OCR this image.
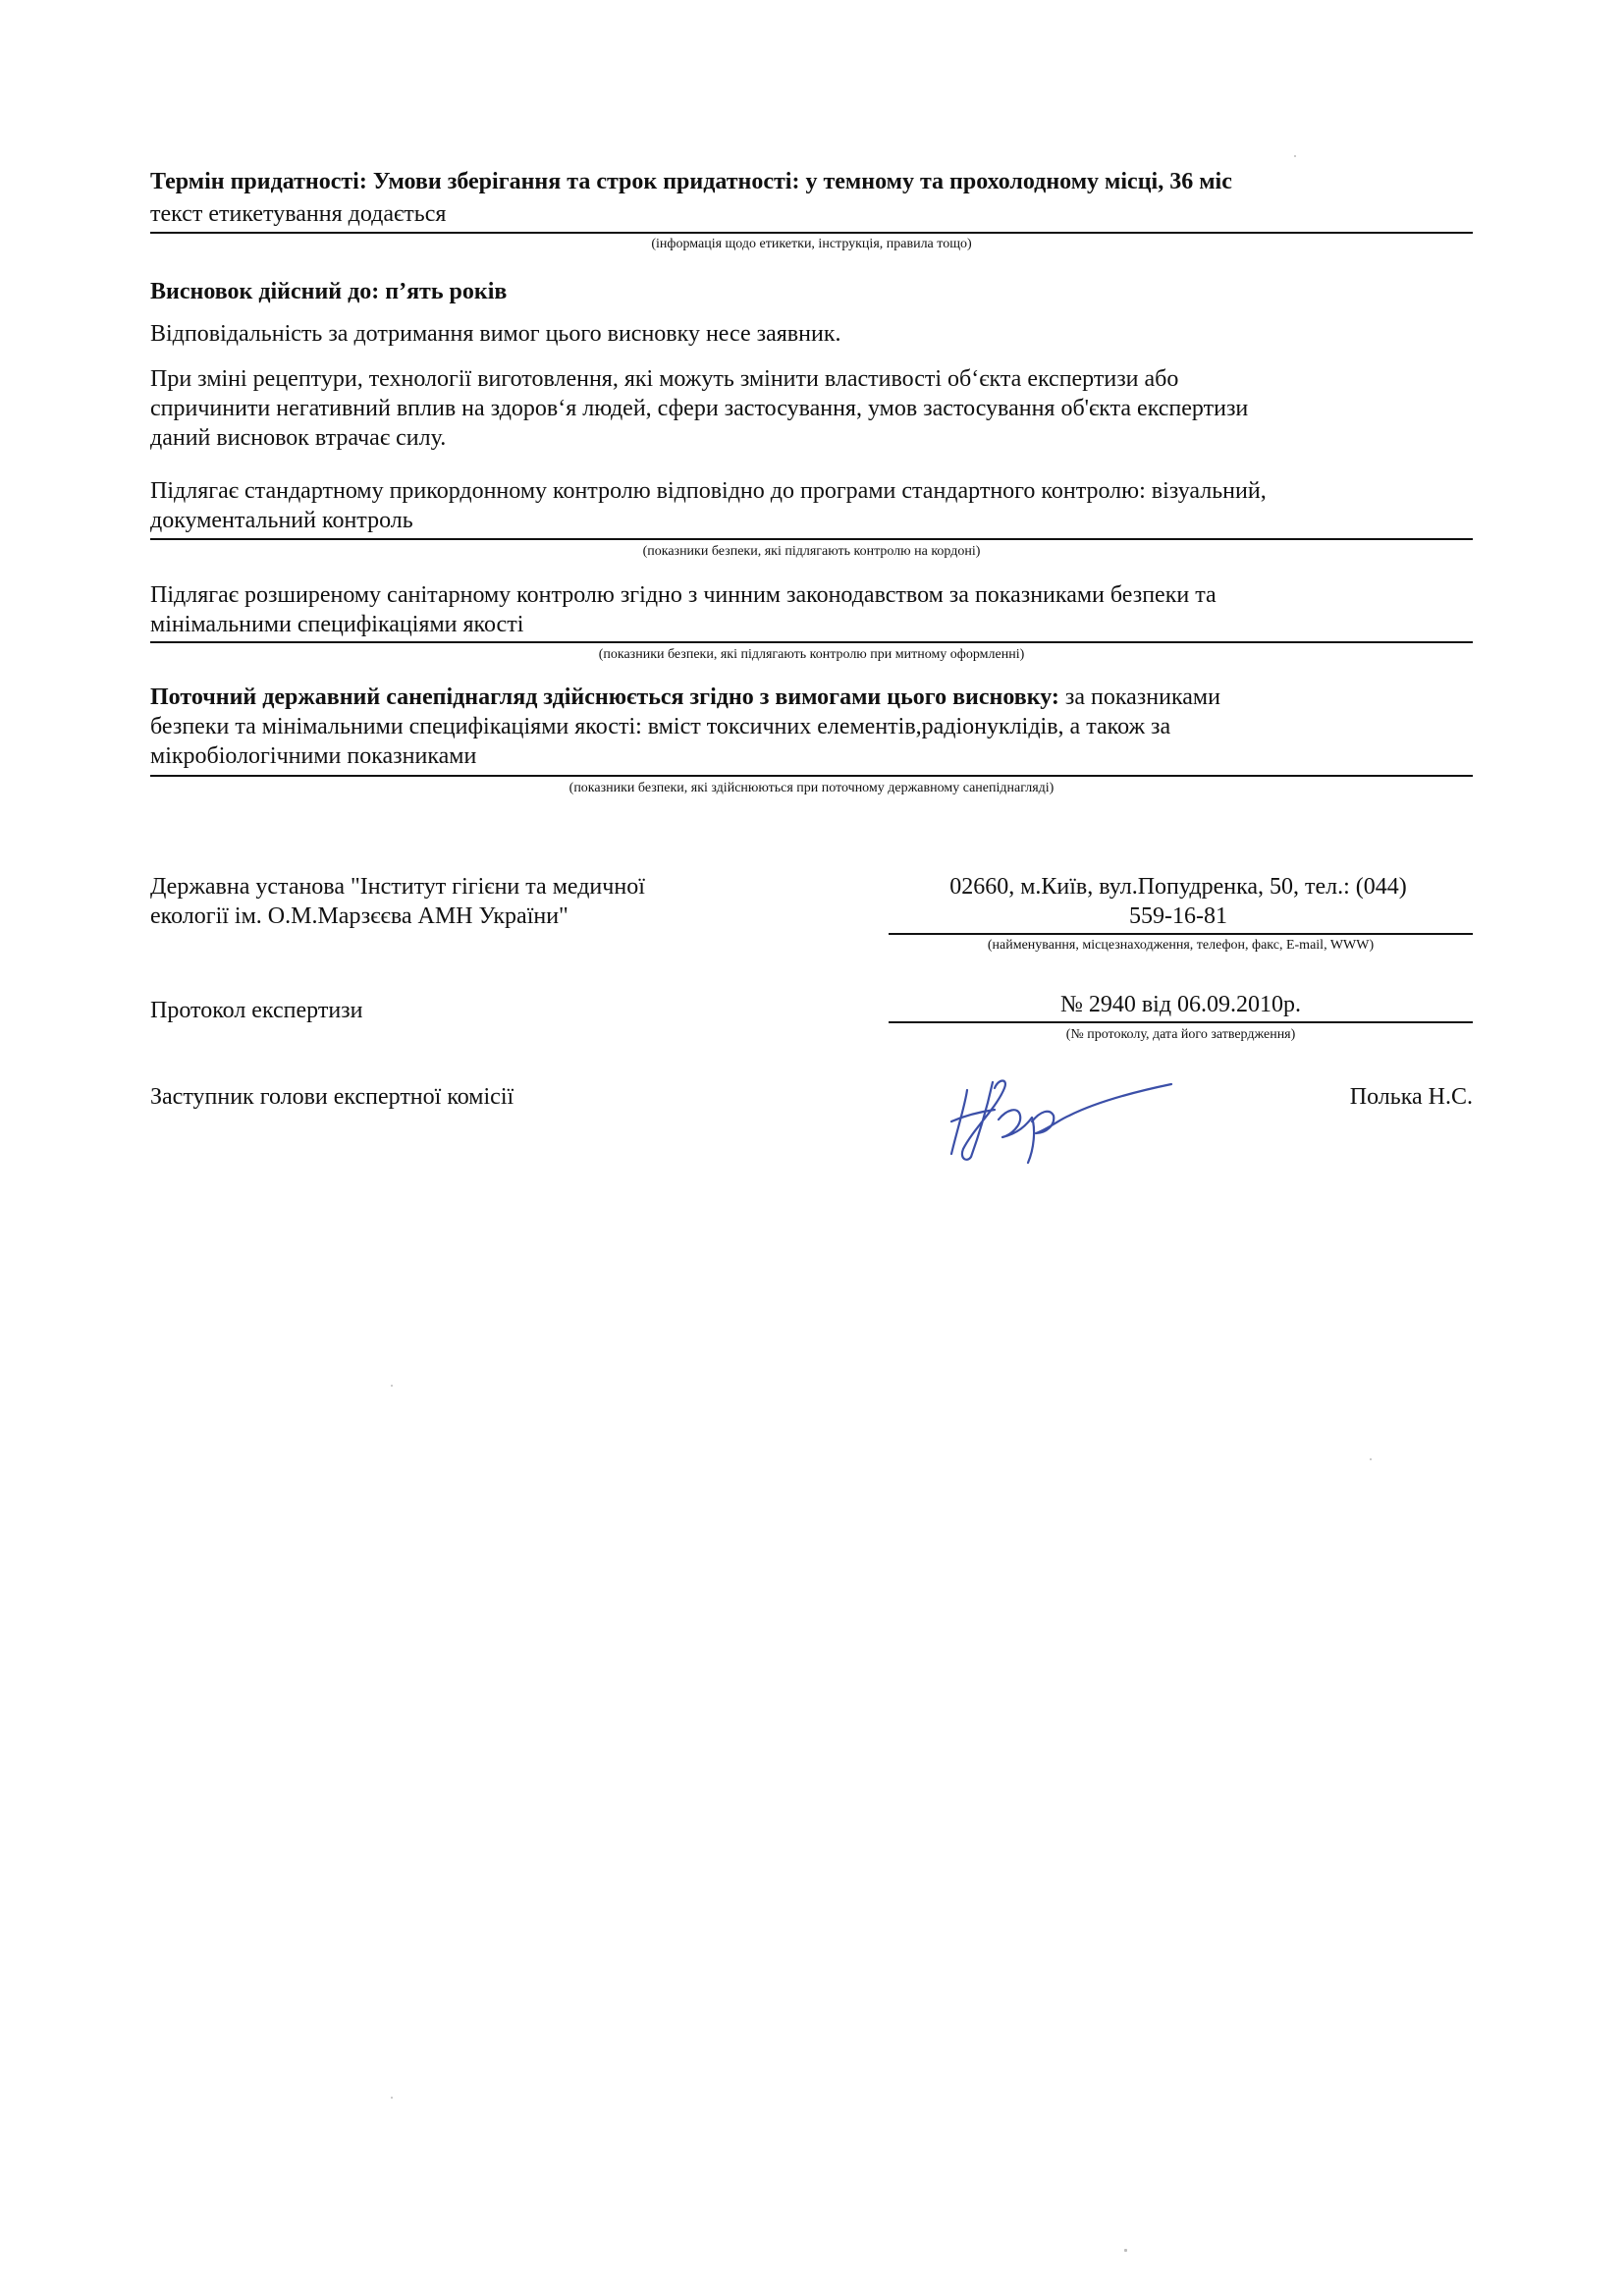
Термін придатності: Умови зберігання та строк придатності: у темному та прохолодному місці, 36 міс
текст етикетування додається
(інформація щодо етикетки, інструкція, правила тощо)
Висновок дійсний до: п’ять років
Відповідальність за дотримання вимог цього висновку несе заявник.
При зміні рецептури, технології виготовлення, які можуть змінити властивості об‘єкта експертизи або
спричинити негативний вплив на здоров‘я людей, сфери застосування, умов застосування об'єкта експертизи
даний висновок втрачає силу.
Підлягає стандартному прикордонному контролю відповідно до програми стандартного контролю: візуальний,
документальний контроль
(показники безпеки, які підлягають контролю на кордоні)
Підлягає розширеному санітарному контролю згідно з чинним законодавством за показниками безпеки та
мінімальними специфікаціями якості
(показники безпеки, які підлягають контролю при митному оформленні)
Поточний державний санепіднагляд здійснюється згідно з вимогами цього висновку: за показниками
безпеки та мінімальними специфікаціями якості: вміст токсичних елементів,радіонуклідів, а також за
мікробіологічними показниками
(показники безпеки, які здійснюються при поточному державному санепіднагляді)
Державна установа "Інститут гігієни та медичної
екології ім. О.М.Марзєєва АМН України"
02660, м.Київ, вул.Попудренка, 50, тел.: (044)
559-16-81
(найменування, місцезнаходження, телефон, факс, E-mail, WWW)
Протокол експертизи	№ 2940 від 06.09.2010р.
(№ протоколу, дата його затвердження)
Заступник голови експертної комісії	Полька Н.С.
